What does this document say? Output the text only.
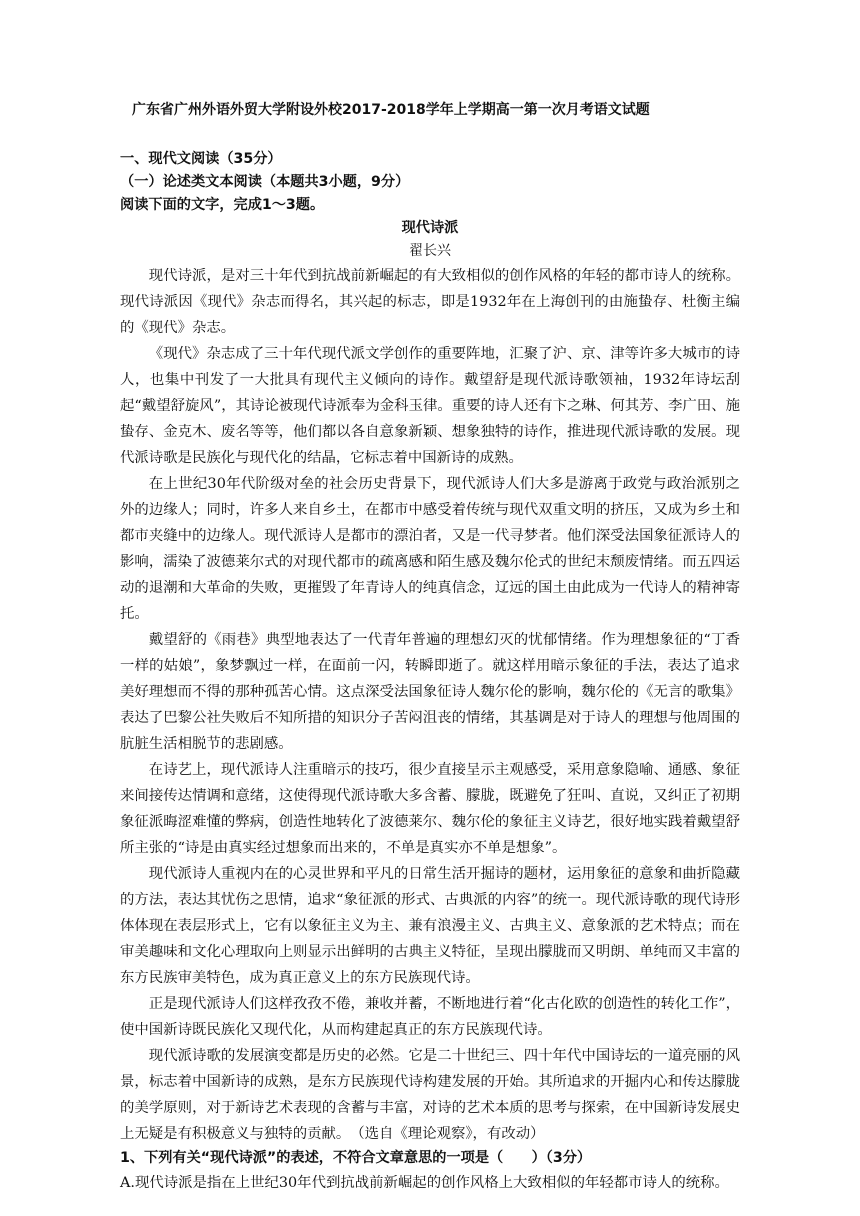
广东省广州外语外贸大学附设外校2017-2018学年上学期高一第一次月考语文试题
一、现代文阅读（35分）
（一）论述类文本阅读（本题共3小题，9分）
阅读下面的文字，完成1～3题。
现代诗派
翟长兴

现代诗派，是对三十年代到抗战前新崛起的有大致相似的创作风格的年轻的都市诗人的统称。现代诗派因《现代》杂志而得名，其兴起的标志，即是1932年在上海创刊的由施蛰存、杜衡主编的《现代》杂志。

《现代》杂志成了三十年代现代派文学创作的重要阵地，汇聚了沪、京、津等许多大城市的诗人，也集中刊发了一大批具有现代主义倾向的诗作。戴望舒是现代派诗歌领袖，1932年诗坛刮起“戴望舒旋风”，其诗论被现代诗派奉为金科玉律。重要的诗人还有卞之琳、何其芳、李广田、施蛰存、金克木、废名等等，他们都以各自意象新颖、想象独特的诗作，推进现代派诗歌的发展。现代派诗歌是民族化与现代化的结晶，它标志着中国新诗的成熟。

在上世纪30年代阶级对垒的社会历史背景下，现代派诗人们大多是游离于政党与政治派别之外的边缘人；同时，许多人来自乡土，在都市中感受着传统与现代双重文明的挤压，又成为乡土和都市夹缝中的边缘人。现代派诗人是都市的漂泊者，又是一代寻梦者。他们深受法国象征派诗人的影响，濡染了波德莱尔式的对现代都市的疏离感和陌生感及魏尔伦式的世纪末颓废情绪。而五四运动的退潮和大革命的失败，更摧毁了年青诗人的纯真信念，辽远的国土由此成为一代诗人的精神寄托。

戴望舒的《雨巷》典型地表达了一代青年普遍的理想幻灭的忧郁情绪。作为理想象征的“丁香一样的姑娘”，象梦飘过一样，在面前一闪，转瞬即逝了。就这样用暗示象征的手法，表达了追求美好理想而不得的那种孤苦心情。这点深受法国象征诗人魏尔伦的影响，魏尔伦的《无言的歌集》表达了巴黎公社失败后不知所措的知识分子苦闷沮丧的情绪，其基调是对于诗人的理想与他周围的肮脏生活相脱节的悲剧感。

在诗艺上，现代派诗人注重暗示的技巧，很少直接呈示主观感受，采用意象隐喻、通感、象征来间接传达情调和意绪，这使得现代派诗歌大多含蓄、朦胧，既避免了狂叫、直说，又纠正了初期象征派晦涩难懂的弊病，创造性地转化了波德莱尔、魏尔伦的象征主义诗艺，很好地实践着戴望舒所主张的“诗是由真实经过想象而出来的，不单是真实亦不单是想象”。

现代派诗人重视内在的心灵世界和平凡的日常生活开掘诗的题材，运用象征的意象和曲折隐藏的方法，表达其忧伤之思情，追求“象征派的形式、古典派的内容”的统一。现代派诗歌的现代诗形体体现在表层形式上，它有以象征主义为主、兼有浪漫主义、古典主义、意象派的艺术特点；而在审美趣味和文化心理取向上则显示出鲜明的古典主义特征，呈现出朦胧而又明朗、单纯而又丰富的东方民族审美特色，成为真正意义上的东方民族现代诗。

正是现代派诗人们这样孜孜不倦，兼收并蓄，不断地进行着“化古化欧的创造性的转化工作”，使中国新诗既民族化又现代化，从而构建起真正的东方民族现代诗。

现代派诗歌的发展演变都是历史的必然。它是二十世纪三、四十年代中国诗坛的一道亮丽的风景，标志着中国新诗的成熟，是东方民族现代诗构建发展的开始。其所追求的开掘内心和传达朦胧的美学原则，对于新诗艺术表现的含蓄与丰富，对诗的艺术本质的思考与探索，在中国新诗发展史上无疑是有积极意义与独特的贡献。　（选自《理论观察》，有改动）

1、下列有关“现代诗派”的表述，不符合文章意思的一项是（　　）（3分）
A.现代诗派是指在上世纪30年代到抗战前新崛起的创作风格上大致相似的年轻都市诗人的统称。
